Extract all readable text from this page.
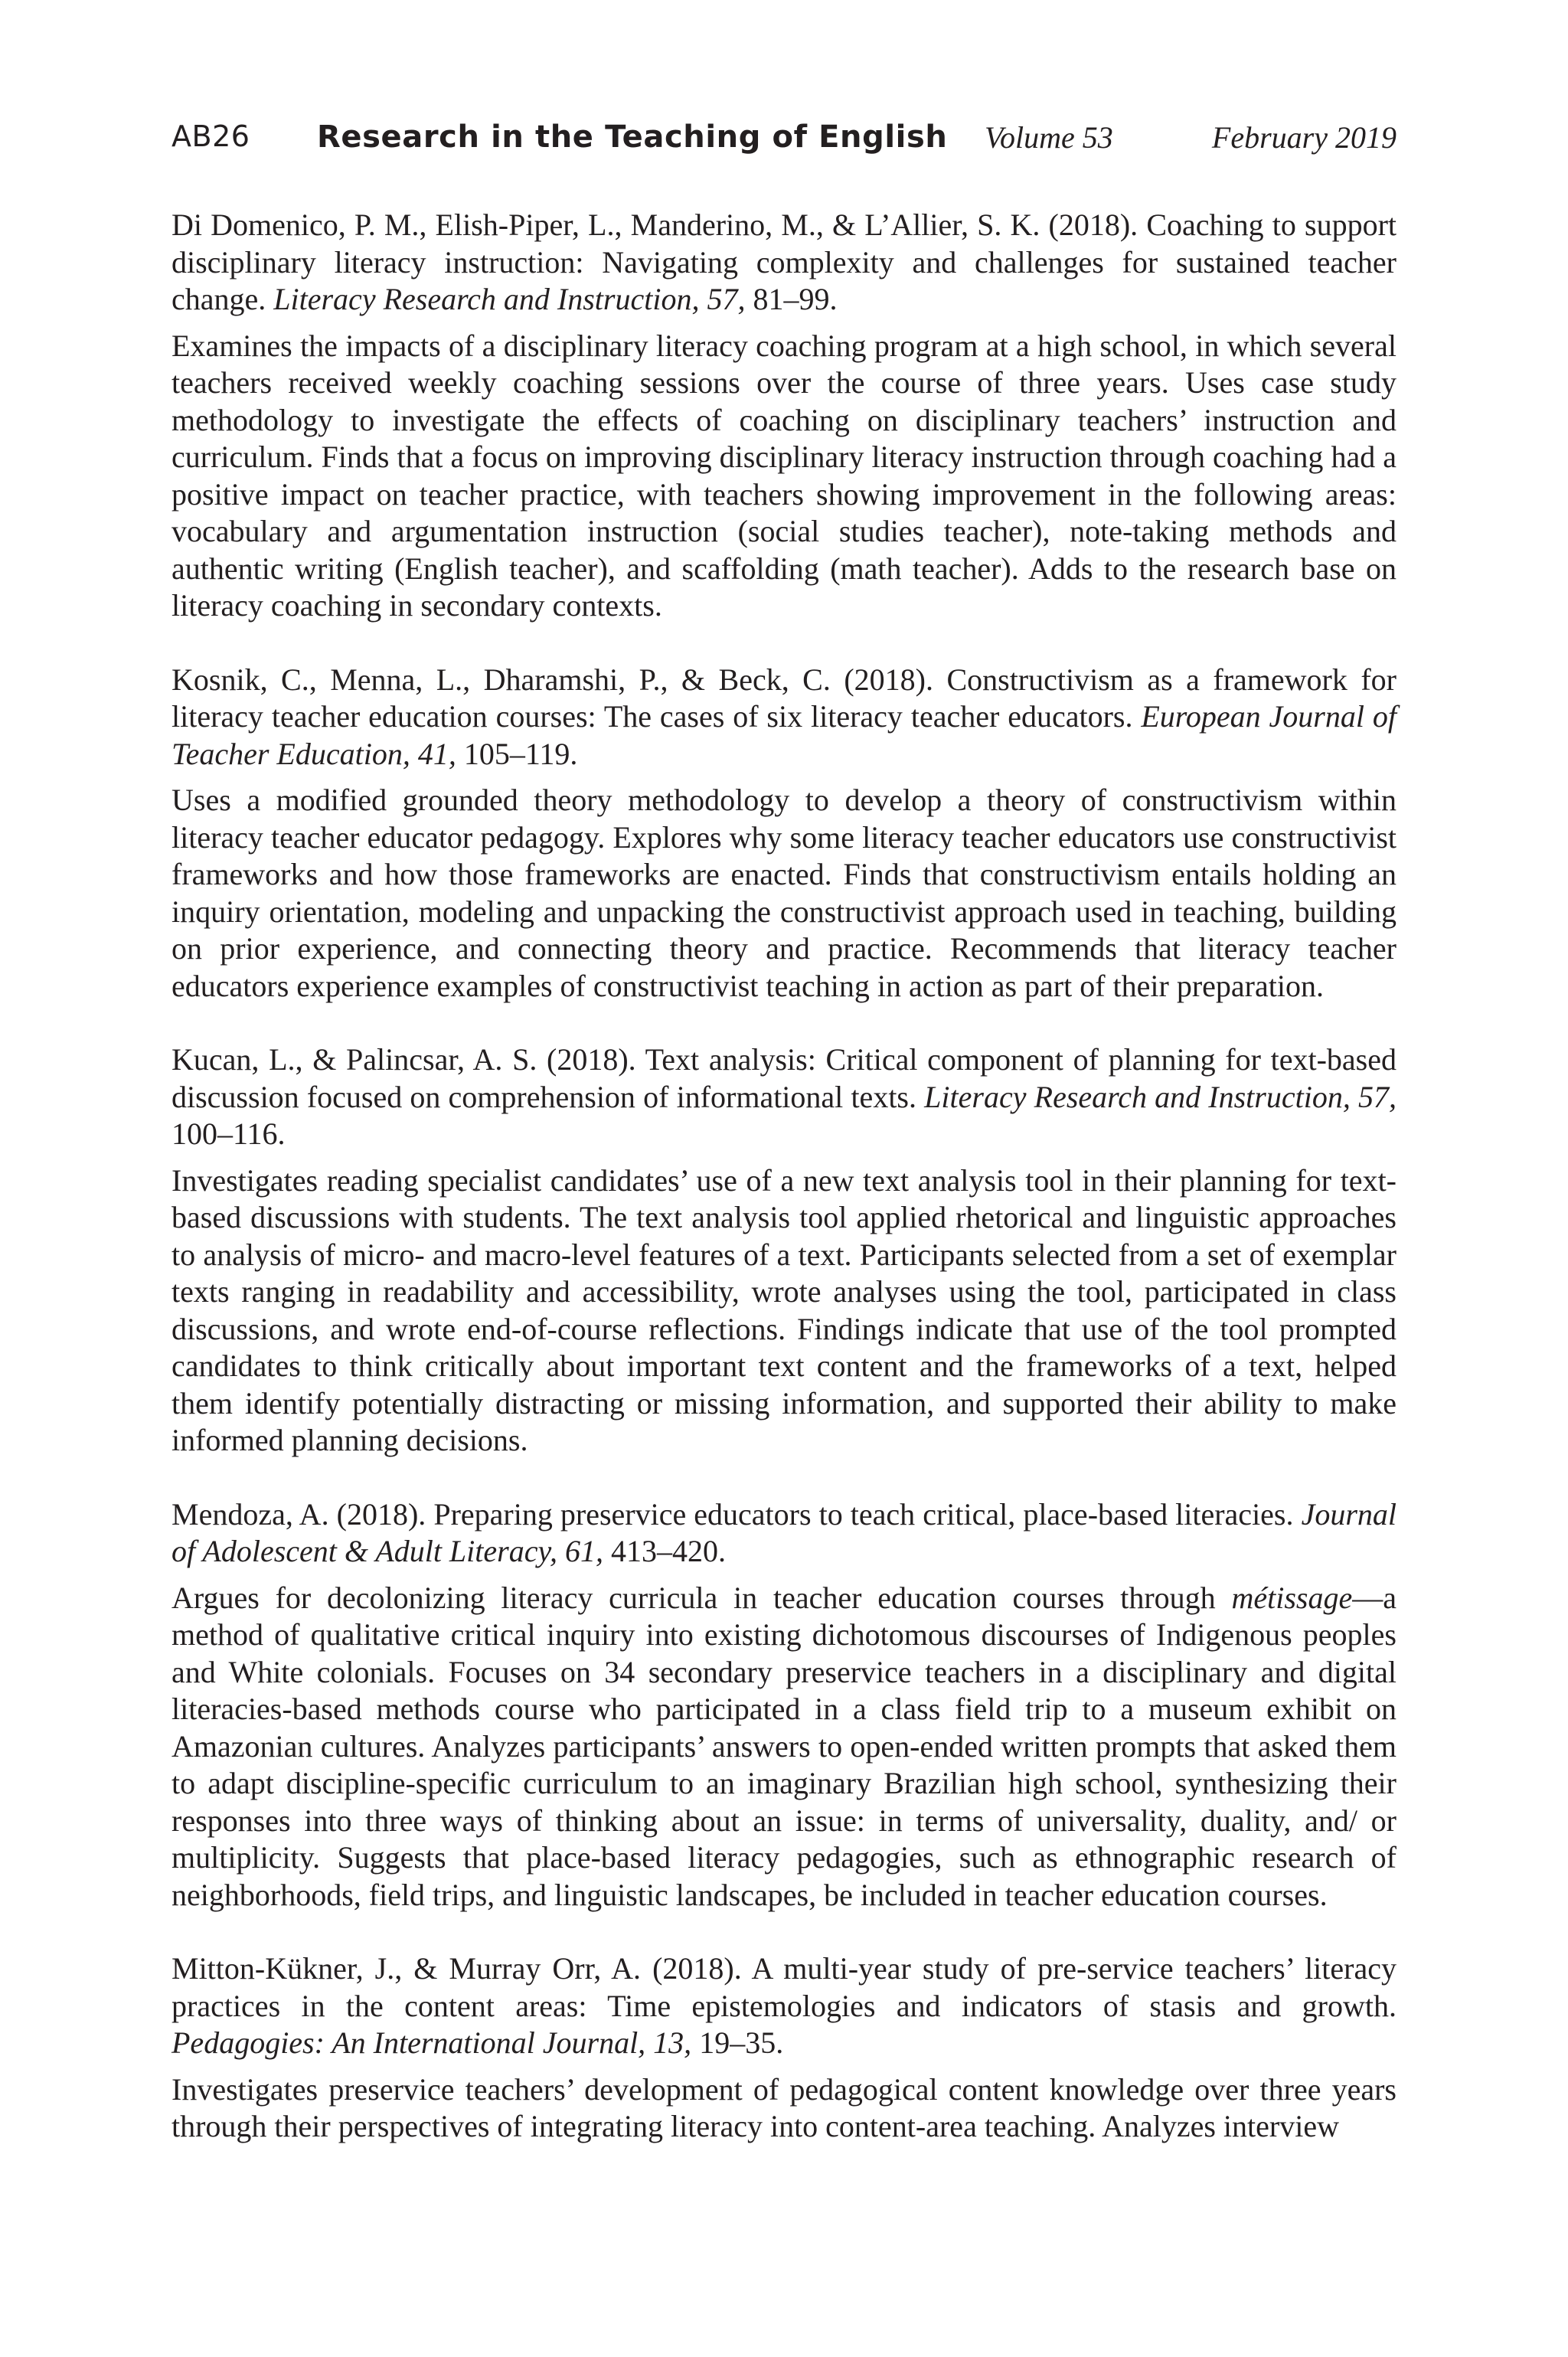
AB26 Research in the Teaching of English Volume 53	February 2019

Di Domenico, P. M., Elish-Piper, L., Manderino, M., & L’Allier, S. K. (2018). Coaching to support disciplinary literacy instruction: Navigating complexity and challenges for sustained teacher change. Literacy Research and Instruction, 57, 81–99.

Examines the impacts of a disciplinary literacy coaching program at a high school, in which several teachers received weekly coaching sessions over the course of three years. Uses case study methodology to investigate the effects of coaching on disciplinary teachers’ instruction and curriculum. Finds that a focus on improving disciplinary literacy instruction through coaching had a positive impact on teacher practice, with teachers showing improvement in the following areas: vocabulary and argumentation instruction (social studies teacher), note-taking methods and authentic writing (English teacher), and scaffolding (math teacher). Adds to the research base on literacy coaching in secondary contexts.

Kosnik, C., Menna, L., Dharamshi, P., & Beck, C. (2018). Constructivism as a framework for literacy teacher education courses: The cases of six literacy teacher educators. European Journal of Teacher Education, 41, 105–119.

Uses a modified grounded theory methodology to develop a theory of constructivism within literacy teacher educator pedagogy. Explores why some literacy teacher educators use constructivist frameworks and how those frameworks are enacted. Finds that constructivism entails holding an inquiry orientation, modeling and unpacking the constructivist approach used in teaching, building on prior experience, and connecting theory and practice. Recommends that literacy teacher educators experience examples of constructivist teaching in action as part of their preparation.

Kucan, L., & Palincsar, A. S. (2018). Text analysis: Critical component of planning for text-based discussion focused on comprehension of informational texts. Literacy Research and Instruction, 57, 100–116.

Investigates reading specialist candidates’ use of a new text analysis tool in their planning for text-based discussions with students. The text analysis tool applied rhetorical and linguistic approaches to analysis of micro- and macro-level features of a text. Participants selected from a set of exemplar texts ranging in readability and accessibility, wrote analyses using the tool, participated in class discussions, and wrote end-of-course reflections. Findings indicate that use of the tool prompted candidates to think critically about important text content and the frameworks of a text, helped them identify potentially distracting or missing information, and supported their ability to make informed planning decisions.

Mendoza, A. (2018). Preparing preservice educators to teach critical, place-based literacies. Journal of Adolescent & Adult Literacy, 61, 413–420.

Argues for decolonizing literacy curricula in teacher education courses through métissage—a method of qualitative critical inquiry into existing dichotomous discourses of Indigenous peoples and White colonials. Focuses on 34 secondary preservice teachers in a disciplinary and digital literacies-based methods course who participated in a class field trip to a museum exhibit on Amazonian cultures. Analyzes participants’ answers to open-ended written prompts that asked them to adapt discipline-specific curriculum to an imaginary Brazilian high school, synthesizing their responses into three ways of thinking about an issue: in terms of universality, duality, and/ or multiplicity. Suggests that place-based literacy pedagogies, such as ethnographic research of neighborhoods, field trips, and linguistic landscapes, be included in teacher education courses.

Mitton-Kükner, J., & Murray Orr, A. (2018). A multi-year study of pre-service teachers’ literacy practices in the content areas: Time epistemologies and indicators of stasis and growth. Pedagogies: An International Journal, 13, 19–35.

Investigates preservice teachers’ development of pedagogical content knowledge over three years through their perspectives of integrating literacy into content-area teaching. Analyzes interview
